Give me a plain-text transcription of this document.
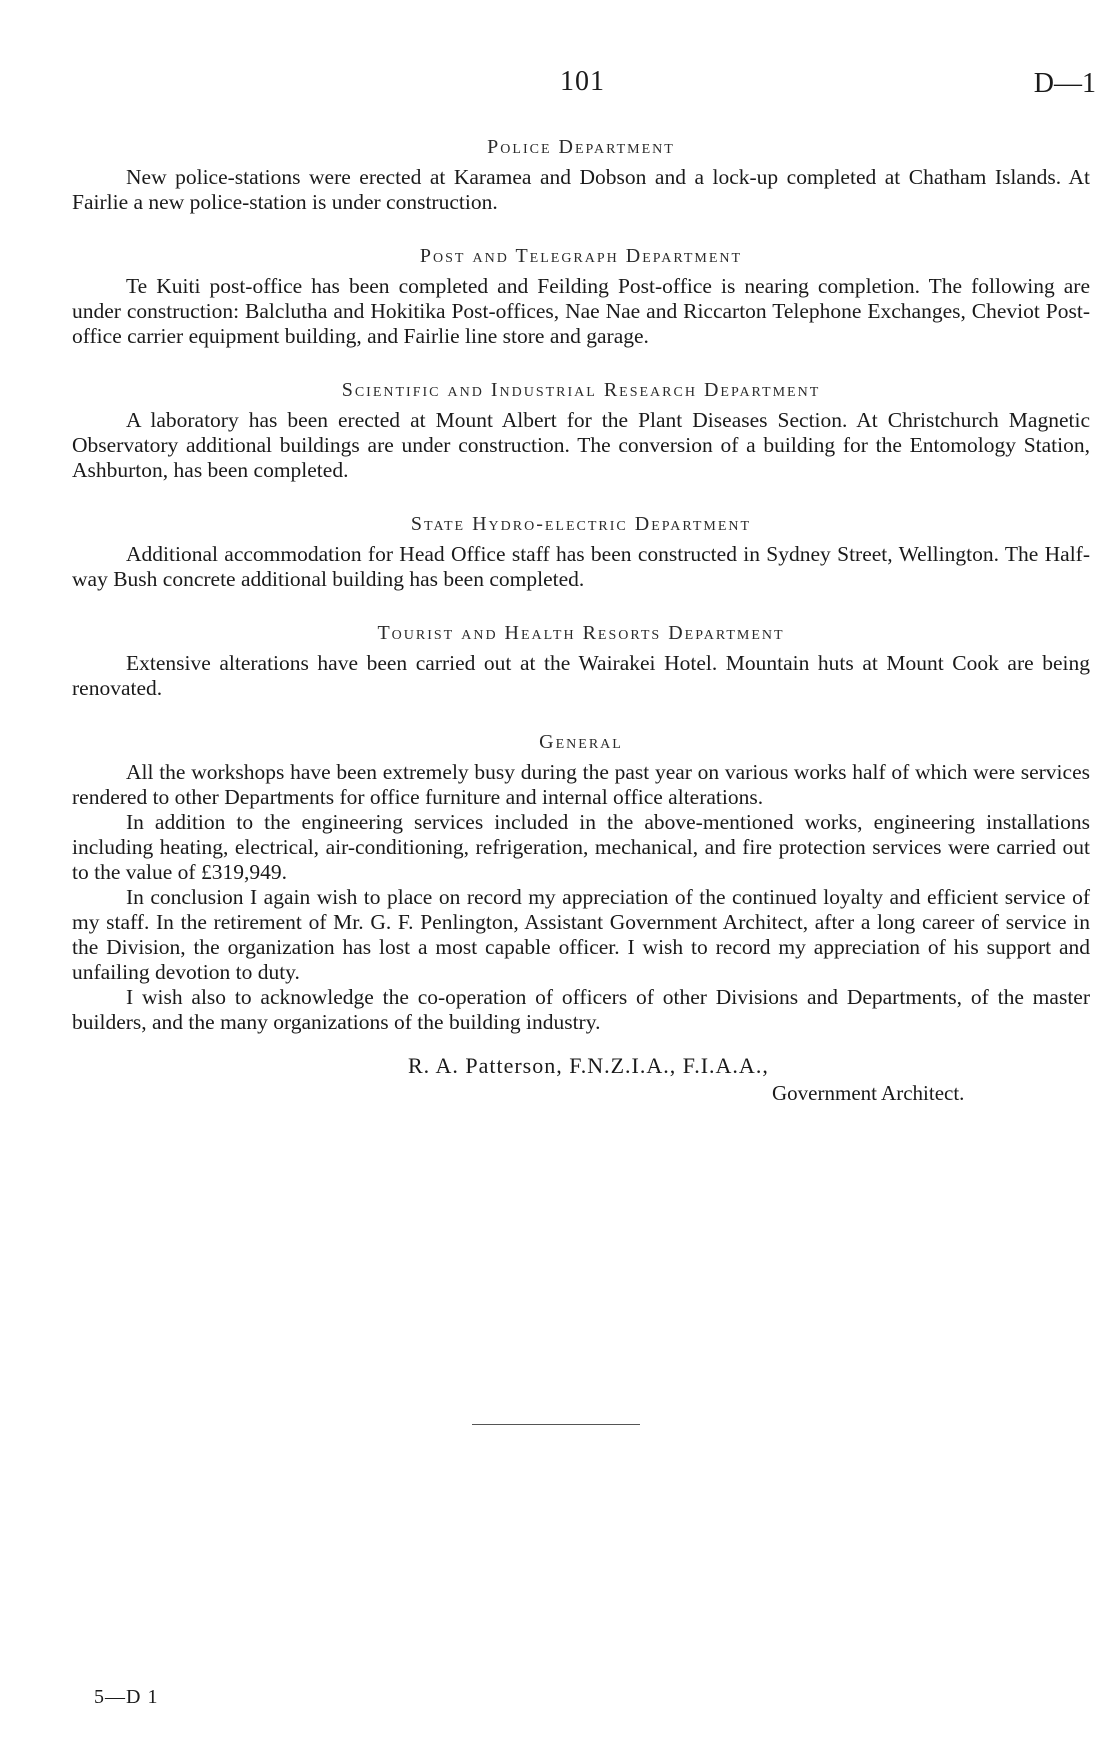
101	D—1
Police Department

New police-stations were erected at Karamea and Dobson and a lock-up completed at Chatham Islands. At Fairlie a new police-station is under construction.

Post and Telegraph Department

Te Kuiti post-office has been completed and Feilding Post-office is nearing completion. The following are under construction: Balclutha and Hokitika Post-offices, Nae Nae and Riccarton Telephone Exchanges, Cheviot Post-office carrier equipment building, and Fairlie line store and garage.

Scientific and Industrial Research Department

A laboratory has been erected at Mount Albert for the Plant Diseases Section. At Christchurch Magnetic Observatory additional buildings are under construction. The conversion of a building for the Entomology Station, Ashburton, has been completed.

State Hydro-electric Department

Additional accommodation for Head Office staff has been constructed in Sydney Street, Wellington. The Half-way Bush concrete additional building has been completed.

Tourist and Health Resorts Department

Extensive alterations have been carried out at the Wairakei Hotel. Mountain huts at Mount Cook are being renovated.

General

All the workshops have been extremely busy during the past year on various works half of which were services rendered to other Departments for office furniture and internal office alterations.

In addition to the engineering services included in the above-mentioned works, engineering installations including heating, electrical, air-conditioning, refrigeration, mechanical, and fire protection services were carried out to the value of £319,949.

In conclusion I again wish to place on record my appreciation of the continued loyalty and efficient service of my staff. In the retirement of Mr. G. F. Penlington, Assistant Government Architect, after a long career of service in the Division, the organization has lost a most capable officer. I wish to record my appreciation of his support and unfailing devotion to duty.

I wish also to acknowledge the co-operation of officers of other Divisions and Departments, of the master builders, and the many organizations of the building industry.

R. A. Patterson, F.N.Z.I.A., F.I.A.A.,
Government Architect.
5—D 1
